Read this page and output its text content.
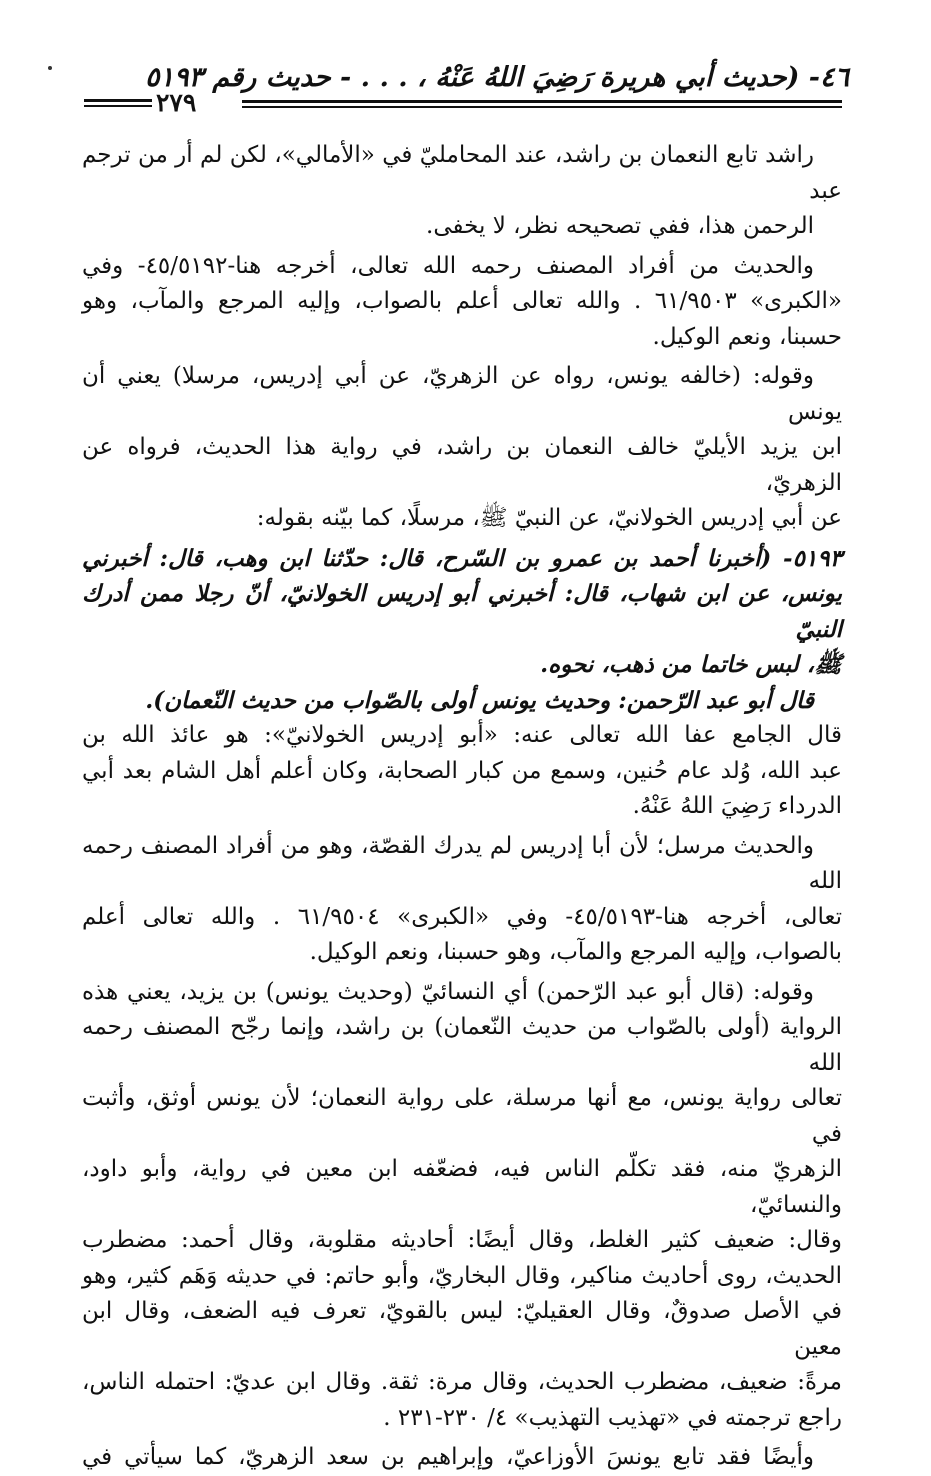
٤٦- (حديث أبي هريرة رَضِيَ اللهُ عَنْهُ ، . . . - حديث رقم ٥١٩٣
٢٧٩
راشد تابع النعمان بن راشد، عند المحامليّ في «الأمالي»، لكن لم أر من ترجم عبد
الرحمن هذا، ففي تصحيحه نظر، لا يخفى.
والحديث من أفراد المصنف رحمه الله تعالى، أخرجه هنا-٤٥/٥١٩٢- وفي
«الكبرى» ٦١/٩٥٠٣ . والله تعالى أعلم بالصواب، وإليه المرجع والمآب، وهو
حسبنا، ونعم الوكيل.
وقوله: (خالفه يونس، رواه عن الزهريّ، عن أبي إدريس، مرسلا) يعني أن يونس
ابن يزيد الأيليّ خالف النعمان بن راشد، في رواية هذا الحديث، فرواه عن الزهريّ،
عن أبي إدريس الخولانيّ، عن النبيّ ﷺ، مرسلًا، كما بيّنه بقوله:
٥١٩٣- (أخبرنا أحمد بن عمرو بن السّرح، قال: حدّثنا ابن وهب، قال: أخبرني
يونس، عن ابن شهاب، قال: أخبرني أبو إدريس الخولانيّ، أنّ رجلا ممن أدرك النبيّ
ﷺ، لبس خاتما من ذهب، نحوه.
قال أبو عبد الرّحمن: وحديث يونس أولى بالصّواب من حديث النّعمان).
قال الجامع عفا الله تعالى عنه: «أبو إدريس الخولانيّ»: هو عائذ الله بن
عبد الله، وُلد عام حُنين، وسمع من كبار الصحابة، وكان أعلم أهل الشام بعد أبي
الدرداء رَضِيَ اللهُ عَنْهُ.
والحديث مرسل؛ لأن أبا إدريس لم يدرك القصّة، وهو من أفراد المصنف رحمه الله
تعالى، أخرجه هنا-٤٥/٥١٩٣- وفي «الكبرى» ٦١/٩٥٠٤ . والله تعالى أعلم
بالصواب، وإليه المرجع والمآب، وهو حسبنا، ونعم الوكيل.
وقوله: (قال أبو عبد الرّحمن) أي النسائيّ (وحديث يونس) بن يزيد، يعني هذه
الرواية (أولى بالصّواب من حديث النّعمان) بن راشد، وإنما رجّح المصنف رحمه الله
تعالى رواية يونس، مع أنها مرسلة، على رواية النعمان؛ لأن يونس أوثق، وأثبت في
الزهريّ منه، فقد تكلّم الناس فيه، فضعّفه ابن معين في رواية، وأبو داود، والنسائيّ،
وقال: ضعيف كثير الغلط، وقال أيضًا: أحاديثه مقلوبة، وقال أحمد: مضطرب
الحديث، روى أحاديث مناكير، وقال البخاريّ، وأبو حاتم: في حديثه وَهَم كثير، وهو
في الأصل صدوقٌ، وقال العقيليّ: ليس بالقويّ، تعرف فيه الضعف، وقال ابن معين
مرةً: ضعيف، مضطرب الحديث، وقال مرة: ثقة. وقال ابن عديّ: احتمله الناس،
راجع ترجمته في «تهذيب التهذيب» ٤/ ٢٣٠-٢٣١ .
وأيضًا فقد تابع يونسَ الأوزاعيّ، وإبراهيم بن سعد الزهريّ، كما سيأتي في
